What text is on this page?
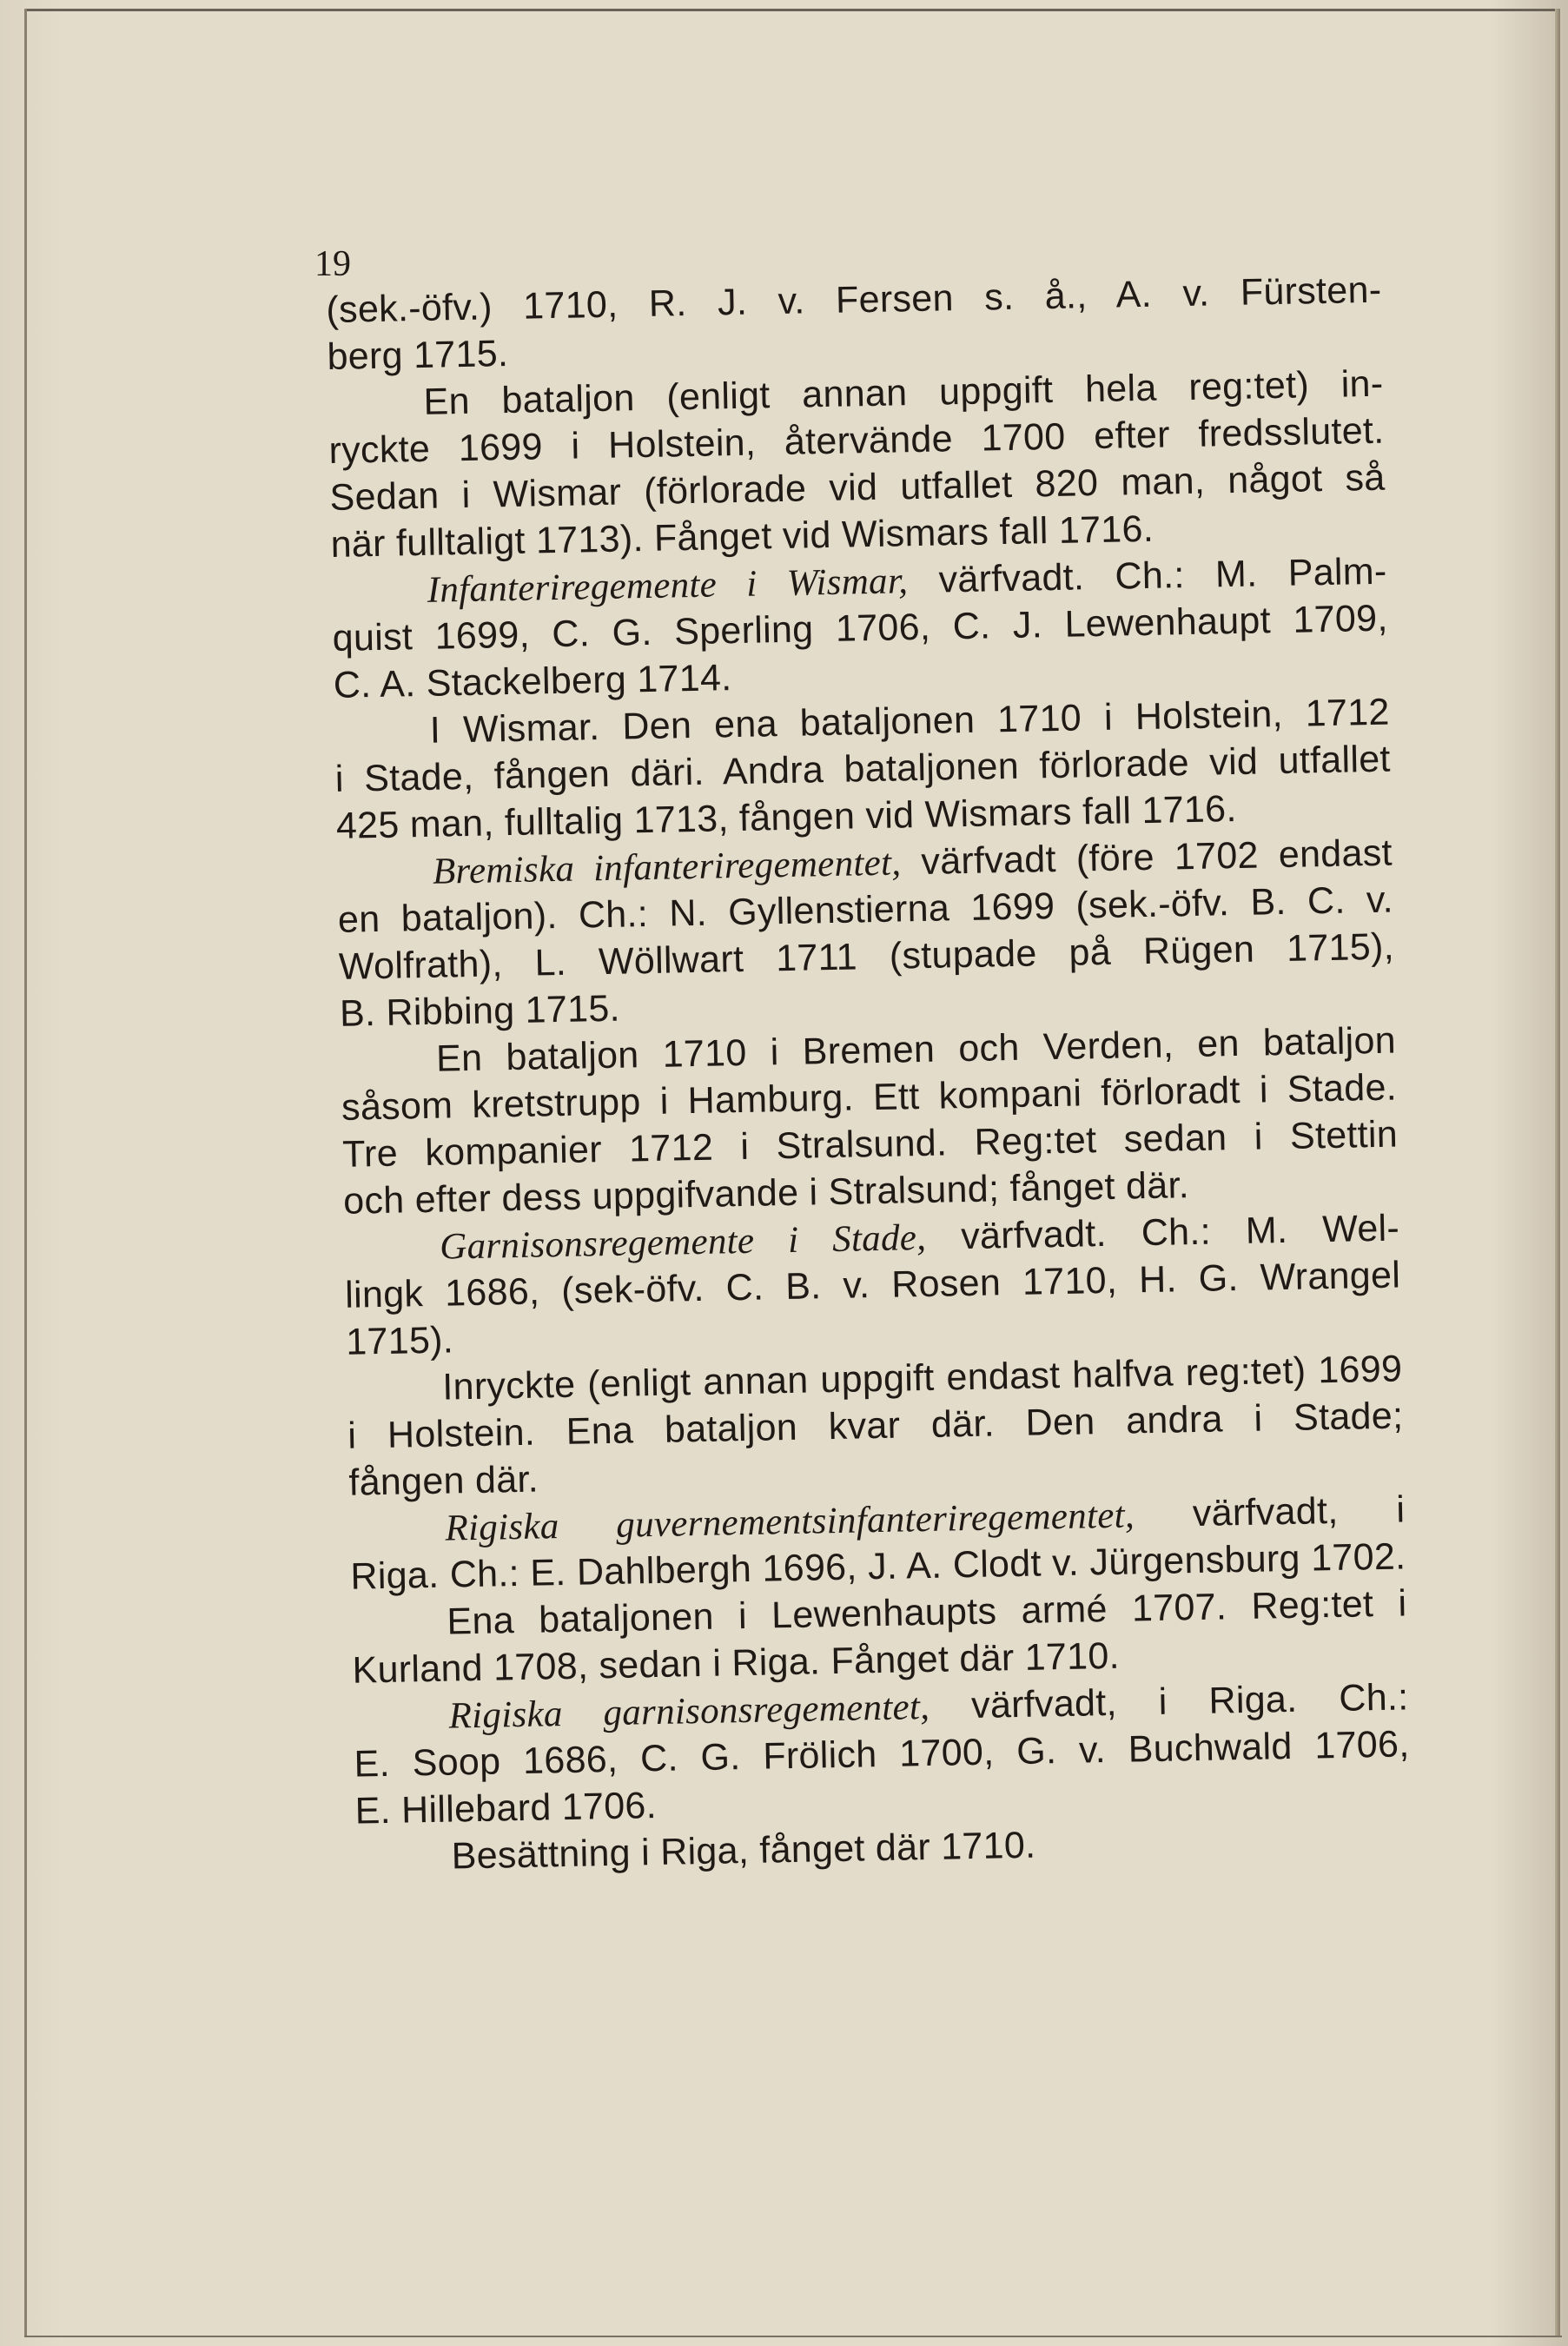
19
(sek.-öfv.) 1710, R. J. v. Fersen s. å., A. v. Fürsten-
berg 1715.
En bataljon (enligt annan uppgift hela reg:tet) in-
ryckte 1699 i Holstein, återvände 1700 efter fredsslutet.
Sedan i Wismar (förlorade vid utfallet 820 man, något så
när fulltaligt 1713). Fånget vid Wismars fall 1716.
Infanteriregemente i Wismar, värfvadt. Ch.: M. Palm-
quist 1699, C. G. Sperling 1706, C. J. Lewenhaupt 1709,
C. A. Stackelberg 1714.
I Wismar. Den ena bataljonen 1710 i Holstein, 1712
i Stade, fången däri. Andra bataljonen förlorade vid utfallet
425 man, fulltalig 1713, fången vid Wismars fall 1716.
Bremiska infanteriregementet, värfvadt (före 1702 endast
en bataljon). Ch.: N. Gyllenstierna 1699 (sek.-öfv. B. C. v.
Wolfrath), L. Wöllwart 1711 (stupade på Rügen 1715),
B. Ribbing 1715.
En bataljon 1710 i Bremen och Verden, en bataljon
såsom kretstrupp i Hamburg. Ett kompani förloradt i Stade.
Tre kompanier 1712 i Stralsund. Reg:tet sedan i Stettin
och efter dess uppgifvande i Stralsund; fånget där.
Garnisonsregemente i Stade, värfvadt. Ch.: M. Wel-
lingk 1686, (sek-öfv. C. B. v. Rosen 1710, H. G. Wrangel
1715).
Inryckte (enligt annan uppgift endast halfva reg:tet) 1699
i Holstein. Ena bataljon kvar där. Den andra i Stade;
fången där.
Rigiska guvernementsinfanteriregementet, värfvadt, i
Riga. Ch.: E. Dahlbergh 1696, J. A. Clodt v. Jürgensburg 1702.
Ena bataljonen i Lewenhaupts armé 1707. Reg:tet i
Kurland 1708, sedan i Riga. Fånget där 1710.
Rigiska garnisonsregementet, värfvadt, i Riga. Ch.:
E. Soop 1686, C. G. Frölich 1700, G. v. Buchwald 1706,
E. Hillebard 1706.
Besättning i Riga, fånget där 1710.
